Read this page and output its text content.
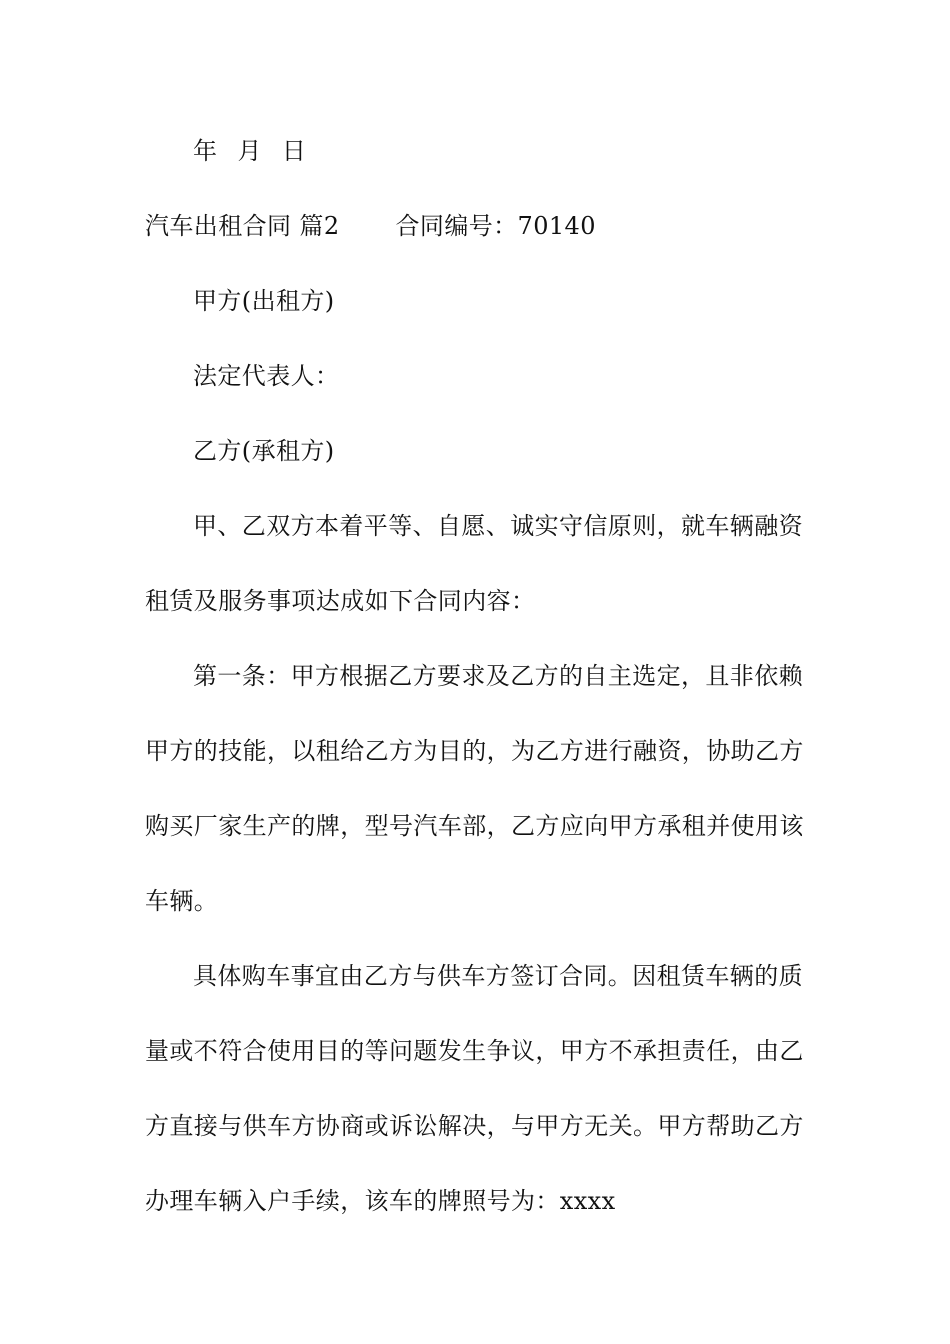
年 月 日
汽车出租合同 篇2 合同编号：70140
甲方(出租方)
法定代表人：
乙方(承租方)
甲、乙双方本着平等、自愿、诚实守信原则，就车辆融资
租赁及服务事项达成如下合同内容：
第一条：甲方根据乙方要求及乙方的自主选定，且非依赖
甲方的技能，以租给乙方为目的，为乙方进行融资，协助乙方
购买厂家生产的牌，型号汽车部，乙方应向甲方承租并使用该
车辆。
具体购车事宜由乙方与供车方签订合同。因租赁车辆的质
量或不符合使用目的等问题发生争议，甲方不承担责任，由乙
方直接与供车方协商或诉讼解决，与甲方无关。甲方帮助乙方
办理车辆入户手续，该车的牌照号为：xxxx
